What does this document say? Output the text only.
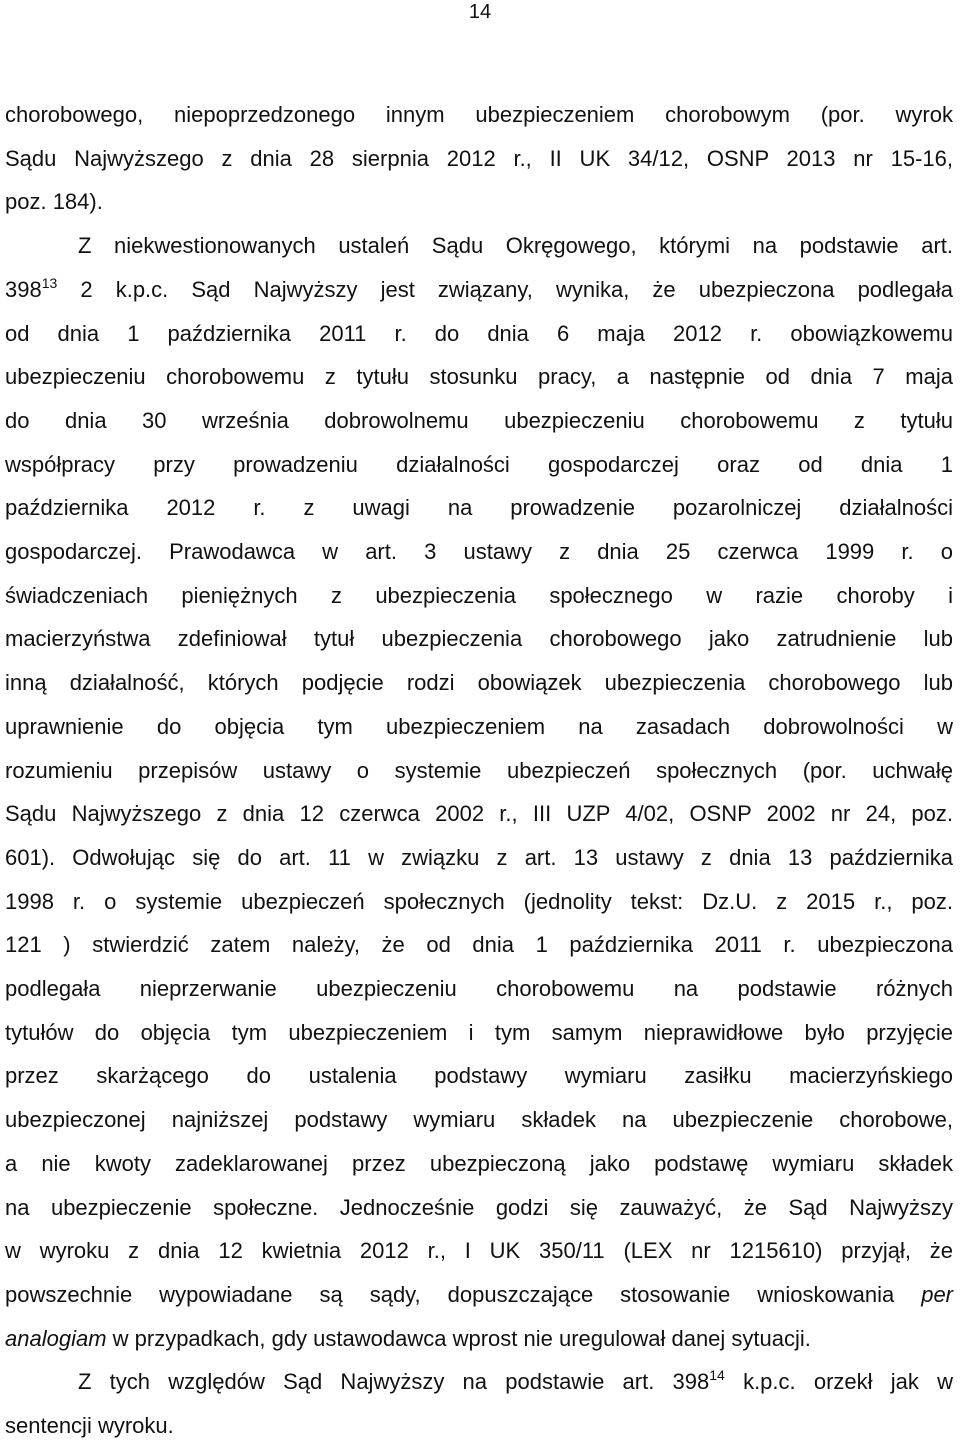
14
chorobowego, niepoprzedzonego innym ubezpieczeniem chorobowym (por. wyrok
Sądu Najwyższego z dnia 28 sierpnia 2012 r., II UK 34/12, OSNP 2013 nr 15-16,
poz. 184).
Z niekwestionowanych ustaleń Sądu Okręgowego, którymi na podstawie art.
$398^{13}$ 2 k.p.c. Sąd Najwyższy jest związany, wynika, że ubezpieczona podlegała
od dnia 1 października 2011 r. do dnia 6 maja 2012 r. obowiązkowemu
ubezpieczeniu chorobowemu z tytułu stosunku pracy, a następnie od dnia 7 maja
do dnia 30 września dobrowolnemu ubezpieczeniu chorobowemu z tytułu
współpracy przy prowadzeniu działalności gospodarczej oraz od dnia 1
października 2012 r. z uwagi na prowadzenie pozarolniczej działalności
gospodarczej. Prawodawca w art. 3 ustawy z dnia 25 czerwca 1999 r. o
świadczeniach pieniężnych z ubezpieczenia społecznego w razie choroby i
macierzyństwa zdefiniował tytuł ubezpieczenia chorobowego jako zatrudnienie lub
inną działalność, których podjęcie rodzi obowiązek ubezpieczenia chorobowego lub
uprawnienie do objęcia tym ubezpieczeniem na zasadach dobrowolności w
rozumieniu przepisów ustawy o systemie ubezpieczeń społecznych (por. uchwałę
Sądu Najwyższego z dnia 12 czerwca 2002 r., III UZP 4/02, OSNP 2002 nr 24, poz.
601). Odwołując się do art. 11 w związku z art. 13 ustawy z dnia 13 października
1998 r. o systemie ubezpieczeń społecznych (jednolity tekst: Dz.U. z 2015 r., poz.
121 ) stwierdzić zatem należy, że od dnia 1 października 2011 r. ubezpieczona
podlegała nieprzerwanie ubezpieczeniu chorobowemu na podstawie różnych
tytułów do objęcia tym ubezpieczeniem i tym samym nieprawidłowe było przyjęcie
przez skarżącego do ustalenia podstawy wymiaru zasiłku macierzyńskiego
ubezpieczonej najniższej podstawy wymiaru składek na ubezpieczenie chorobowe,
a nie kwoty zadeklarowanej przez ubezpieczoną jako podstawę wymiaru składek
na ubezpieczenie społeczne. Jednocześnie godzi się zauważyć, że Sąd Najwyższy
w wyroku z dnia 12 kwietnia 2012 r., I UK 350/11 (LEX nr 1215610) przyjął, że
powszechnie wypowiadane są sądy, dopuszczające stosowanie wnioskowania per
analogiam w przypadkach, gdy ustawodawca wprost nie uregulował danej sytuacji.
Z tych względów Sąd Najwyższy na podstawie art. $398^{14}$ k.p.c. orzekł jak w
sentencji wyroku.
